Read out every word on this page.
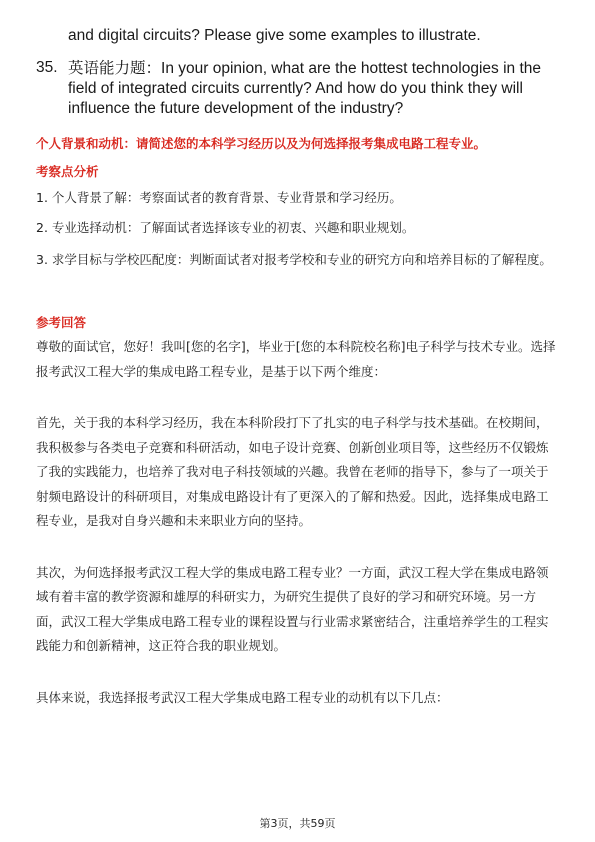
and digital circuits? Please give some examples to illustrate.
35. 英语能力题：In your opinion, what are the hottest technologies in the field of integrated circuits currently? And how do you think they will influence the future development of the industry?
个人背景和动机：请简述您的本科学习经历以及为何选择报考集成电路工程专业。
考察点分析
1. 个人背景了解：考察面试者的教育背景、专业背景和学习经历。
2. 专业选择动机：了解面试者选择该专业的初衷、兴趣和职业规划。
3. 求学目标与学校匹配度：判断面试者对报考学校和专业的研究方向和培养目标的了解程度。
参考回答

尊敬的面试官，您好！我叫[您的名字]，毕业于[您的本科院校名称]电子科学与技术专业。选择报考武汉工程大学的集成电路工程专业，是基于以下两个维度：

首先，关于我的本科学习经历，我在本科阶段打下了扎实的电子科学与技术基础。在校期间，我积极参与各类电子竞赛和科研活动，如电子设计竞赛、创新创业项目等，这些经历不仅锻炼了我的实践能力，也培养了我对电子科技领域的兴趣。我曾在老师的指导下，参与了一项关于射频电路设计的科研项目，对集成电路设计有了更深入的了解和热爱。因此，选择集成电路工程专业，是我对自身兴趣和未来职业方向的坚持。

其次，为何选择报考武汉工程大学的集成电路工程专业？一方面，武汉工程大学在集成电路领域有着丰富的教学资源和雄厚的科研实力，为研究生提供了良好的学习和研究环境。另一方面，武汉工程大学集成电路工程专业的课程设置与行业需求紧密结合，注重培养学生的工程实践能力和创新精神，这正符合我的职业规划。

具体来说，我选择报考武汉工程大学集成电路工程专业的动机有以下几点：

第3页，共59页
